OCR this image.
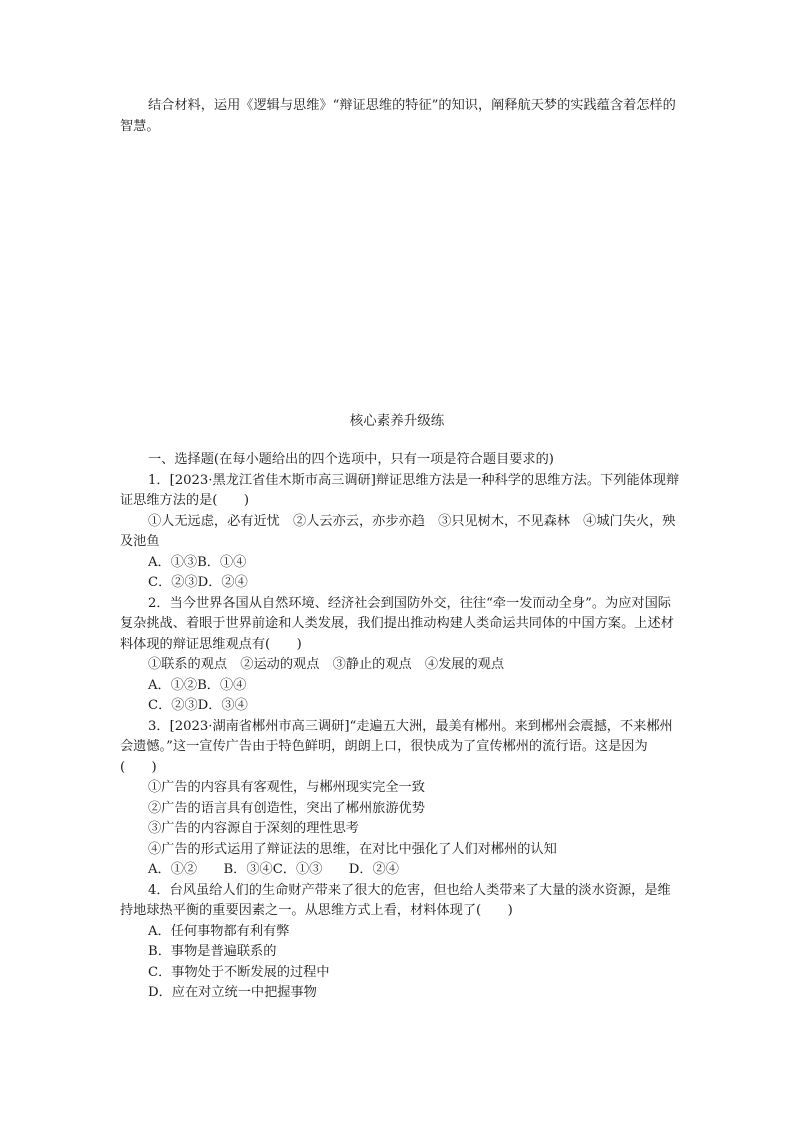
结合材料，运用《逻辑与思维》“辩证思维的特征”的知识，阐释航天梦的实践蕴含着怎样的智慧。

核心素养升级练

一、选择题(在每小题给出的四个选项中，只有一项是符合题目要求的)

1．[2023·黑龙江省佳木斯市高三调研]辩证思维方法是一种科学的思维方法。下列能体现辩证思维方法的是(　　)

①人无远虑，必有近忧　②人云亦云，亦步亦趋　③只见树木，不见森林　④城门失火，殃及池鱼

A．①③B．①④

C．②③D．②④

2．当今世界各国从自然环境、经济社会到国防外交，往往“牵一发而动全身”。为应对国际复杂挑战、着眼于世界前途和人类发展，我们提出推动构建人类命运共同体的中国方案。上述材料体现的辩证思维观点有(　　)

①联系的观点　②运动的观点　③静止的观点　④发展的观点

A．①②B．①④

C．②③D．③④

3．[2023·湖南省郴州市高三调研]“走遍五大洲，最美有郴州。来到郴州会震撼，不来郴州会遗憾。”这一宣传广告由于特色鲜明，朗朗上口，很快成为了宣传郴州的流行语。这是因为(　　)

①广告的内容具有客观性，与郴州现实完全一致

②广告的语言具有创造性，突出了郴州旅游优势

③广告的内容源自于深刻的理性思考

④广告的形式运用了辩证法的思维，在对比中强化了人们对郴州的认知

A．①②　　B．③④C．①③　　D．②④

4．台风虽给人们的生命财产带来了很大的危害，但也给人类带来了大量的淡水资源，是维持地球热平衡的重要因素之一。从思维方式上看，材料体现了(　　)

A．任何事物都有利有弊

B．事物是普遍联系的

C．事物处于不断发展的过程中

D．应在对立统一中把握事物
